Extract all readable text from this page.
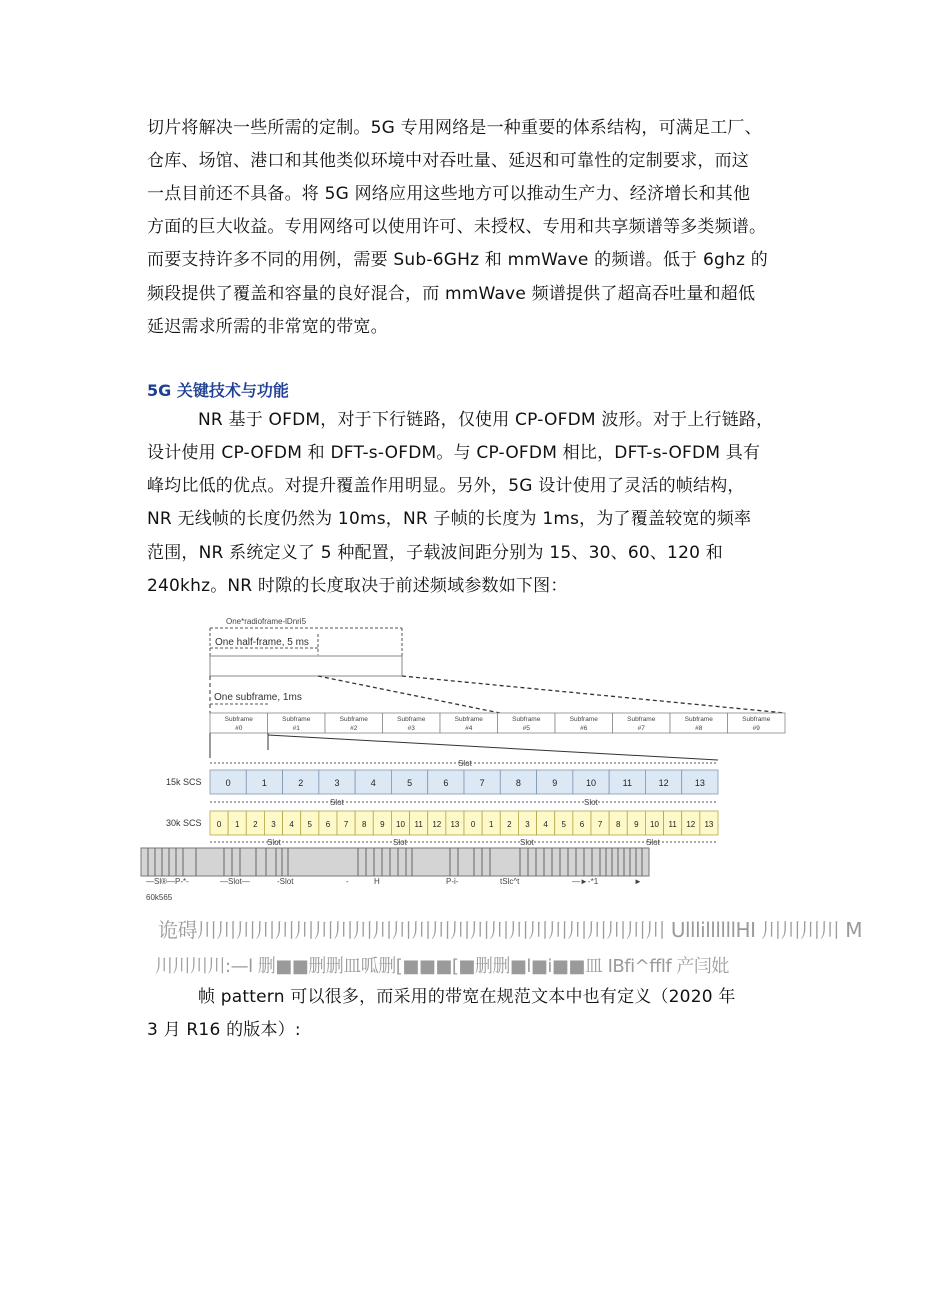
切片将解决一些所需的定制。5G 专用网络是一种重要的体系结构，可满足工厂、
仓库、场馆、港口和其他类似环境中对吞吐量、延迟和可靠性的定制要求，而这
一点目前还不具备。将 5G 网络应用这些地方可以推动生产力、经济增长和其他
方面的巨大收益。专用网络可以使用许可、未授权、专用和共享频谱等多类频谱。
而要支持许多不同的用例，需要 Sub-6GHz 和 mmWave 的频谱。低于 6ghz 的
频段提供了覆盖和容量的良好混合，而 mmWave 频谱提供了超高吞吐量和超低
延迟需求所需的非常宽的带宽。
5G 关键技术与功能
NR 基于 OFDM，对于下行链路，仅使用 CP-OFDM 波形。对于上行链路，
设计使用 CP-OFDM 和 DFT-s-OFDM。与 CP-OFDM 相比，DFT-s-OFDM 具有
峰均比低的优点。对提升覆盖作用明显。另外，5G 设计使用了灵活的帧结构，
NR 无线帧的长度仍然为 10ms，NR 子帧的长度为 1ms，为了覆盖较宽的频率
范围，NR 系统定义了 5 种配置，子载波间距分别为 15、30、60、120 和
240khz。NR 时隙的长度取决于前述频域参数如下图：
One*radioframe-lDnri5
One half-frame, 5 ms
One subframe, 1ms
Subframe
#0
Subframe
#1
Subframe
#2
Subframe
#3
Subframe
#4
Subframe
#5
Subframe
#6
Subframe
#7
Subframe
#8
Subframe
#9
Slot
15k SCS	0	1	2	3	4	5	6	7	8	9	10	11	12	13
Slot	Slot
30k SCS 0 1 2 3 4 5 6 7 8 9 10 11 12 13 0 1 2 3 4 5 6 7 8 9 10 11 12 13
Slot	Slot	Slot	Slot
—Sl®—P-*-	—Slot—	-Slot	-	H	P-i-	tSlc^t	—►-*1	►
60k565
诡碍川川川川川川川川川川川川川川川川川川川川川川川川 UlllillllllHI 川川川川 M
川川川川:—l 删■■删删皿呱删[■■■[■删删■l■i■■皿 IBfi^fflf 产闫妣
帧 pattern 可以很多，而采用的带宽在规范文本中也有定义（2020 年
3 月 R16 的版本）:
